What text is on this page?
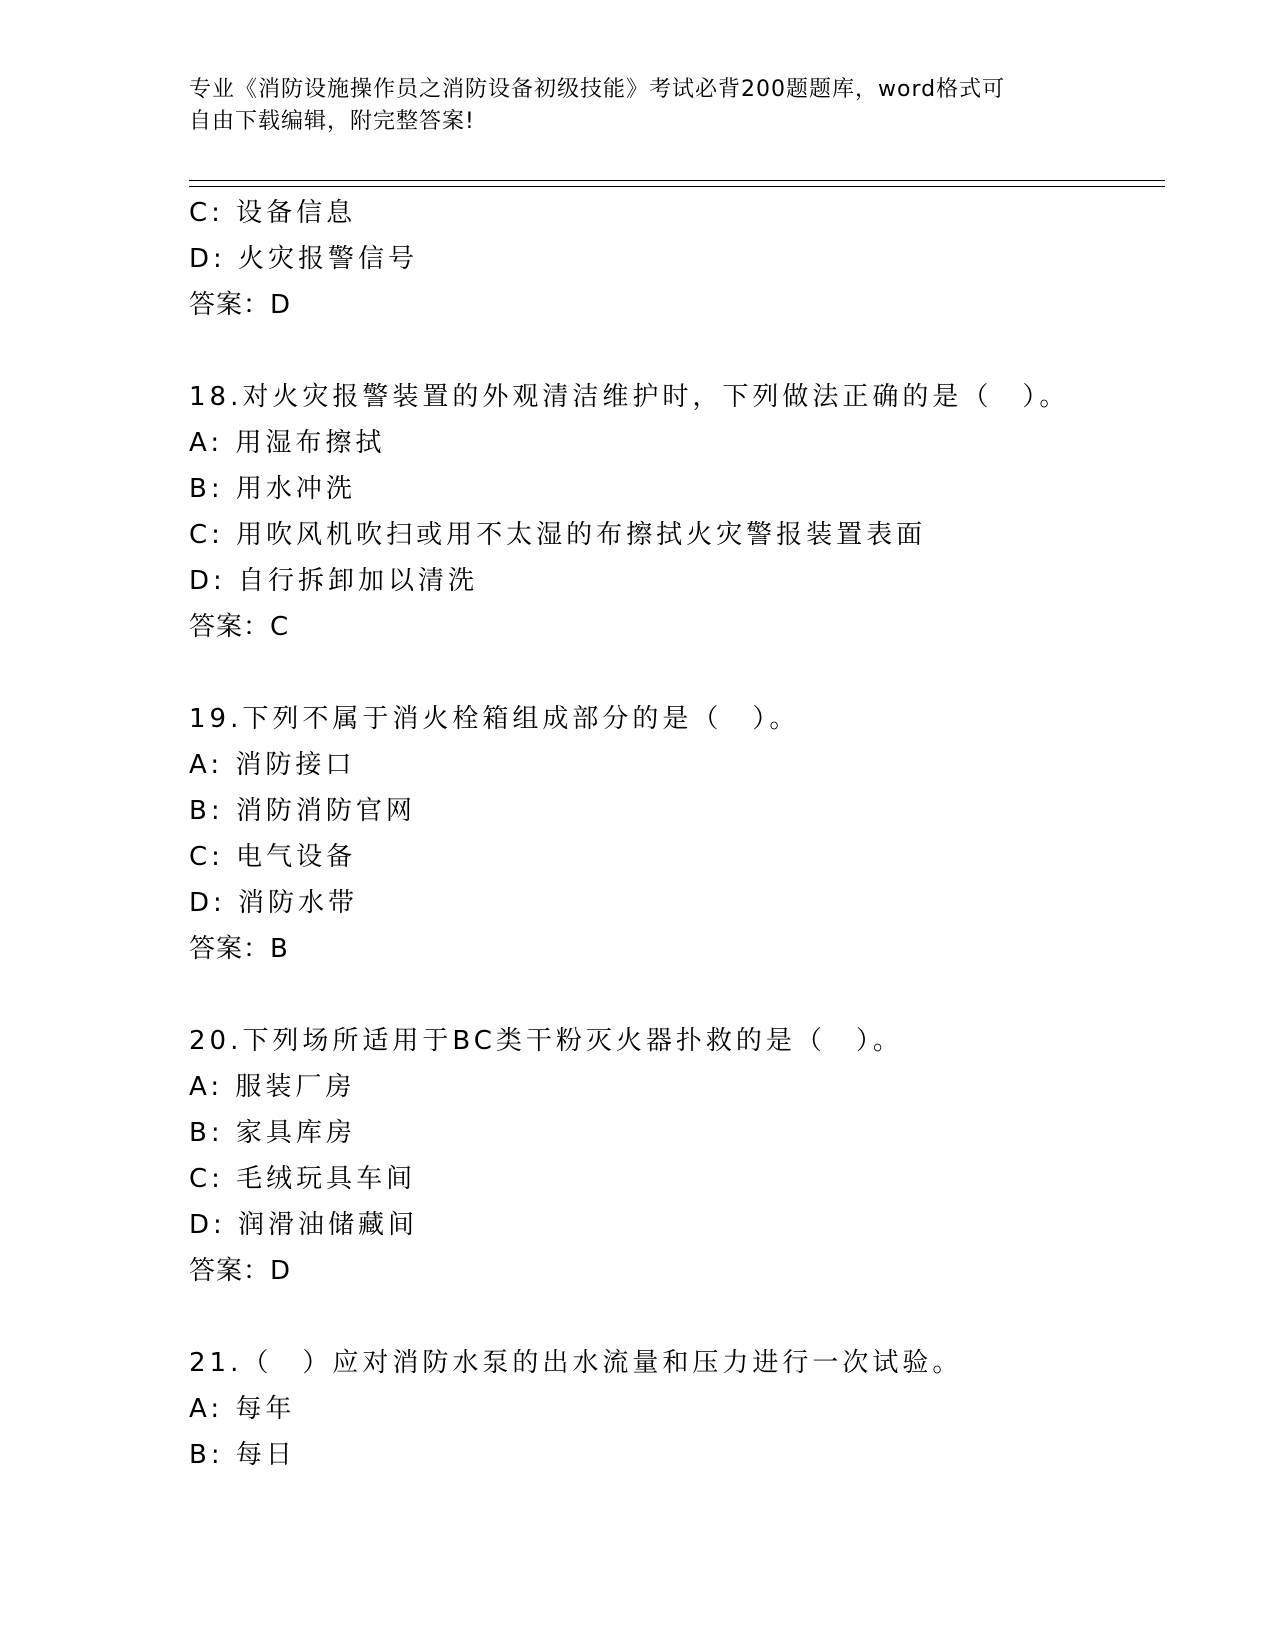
专业《消防设施操作员之消防设备初级技能》考试必背200题题库，word格式可
自由下载编辑，附完整答案!
C: 设备信息
D: 火灾报警信号
答案：D
18.对火灾报警装置的外观清洁维护时，下列做法正确的是（　）。
A: 用湿布擦拭
B: 用水冲洗
C: 用吹风机吹扫或用不太湿的布擦拭火灾警报装置表面
D: 自行拆卸加以清洗
答案：C
19.下列不属于消火栓箱组成部分的是（　）。
A: 消防接口
B: 消防消防官网
C: 电气设备
D: 消防水带
答案：B
20.下列场所适用于BC类干粉灭火器扑救的是（　）。
A: 服装厂房
B: 家具库房
C: 毛绒玩具车间
D: 润滑油储藏间
答案：D
21.（　）应对消防水泵的出水流量和压力进行一次试验。
A: 每年
B: 每日
